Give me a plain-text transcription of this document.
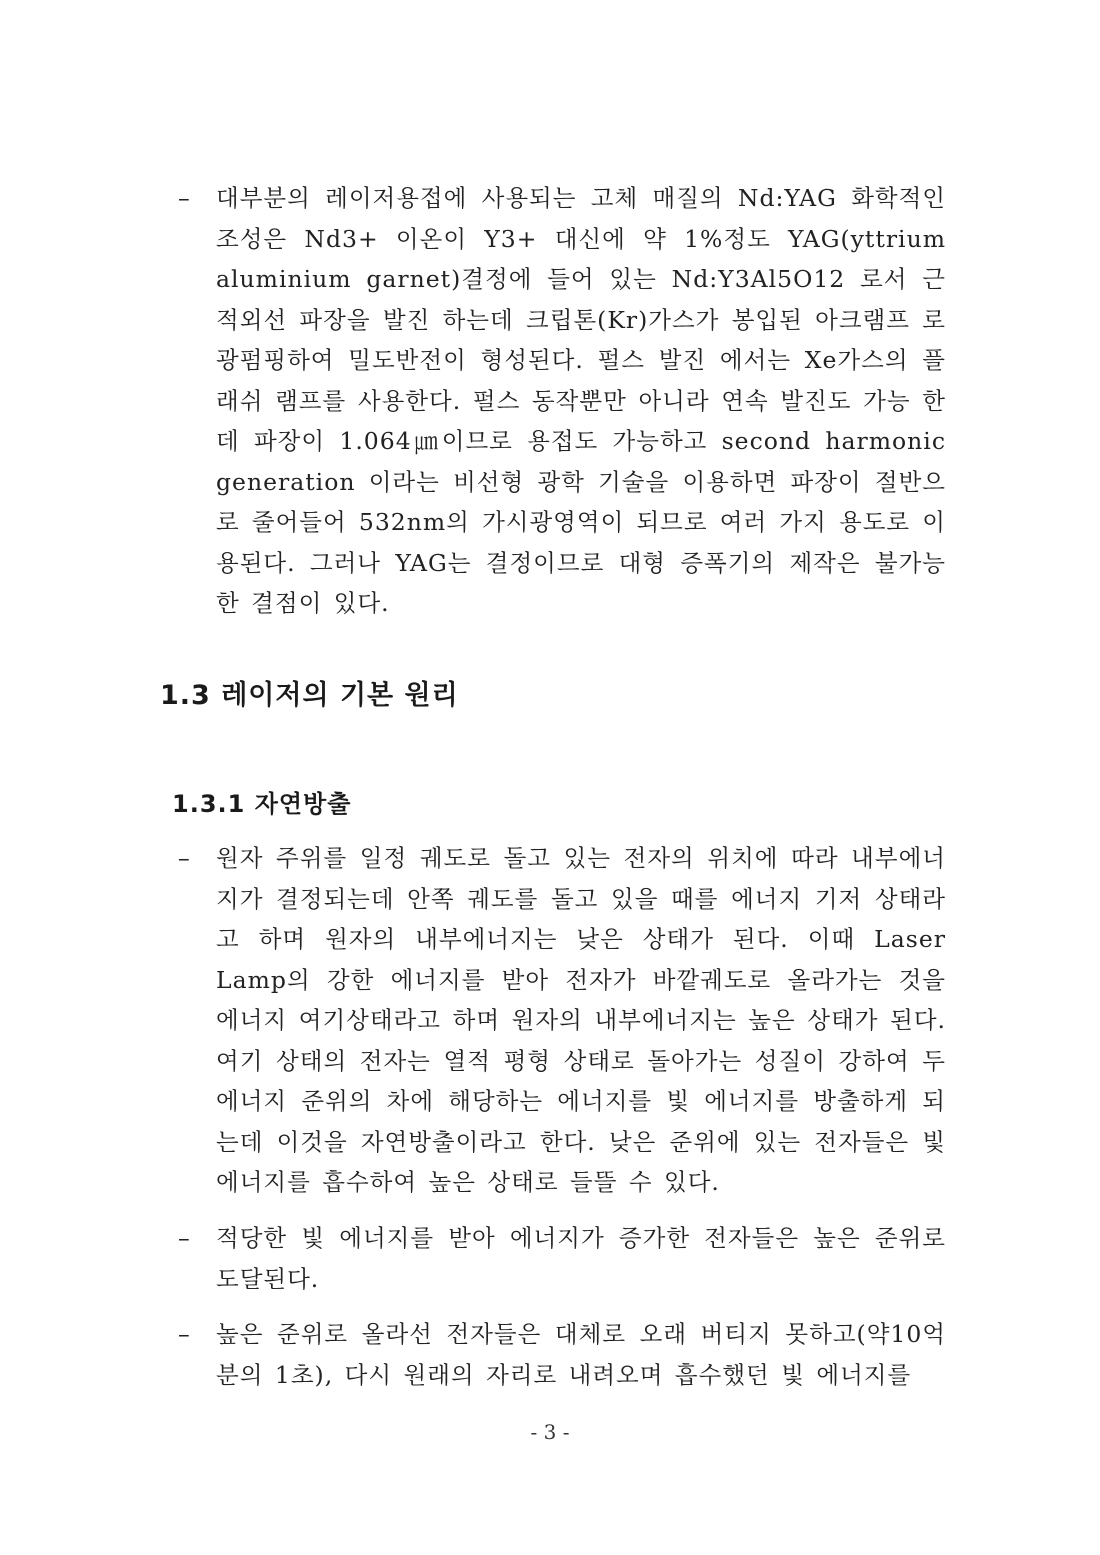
–	대부분의 레이저용접에 사용되는 고체 매질의 Nd:YAG 화학적인 조성은 Nd3+ 이온이 Y3+ 대신에 약 1%정도 YAG(yttrium aluminium garnet)결정에 들어 있는 Nd:Y3Al5O12 로서 근적외선 파장을 발진 하는데 크립톤(Kr)가스가 봉입된 아크램프 로 광펌핑하여 밀도반전이 형성된다. 펄스 발진 에서는 Xe가스의 플래쉬 램프를 사용한다. 펄스 동작뿐만 아니라 연속 발진도 가능 한데 파장이 1.064㎛이므로 용접도 가능하고 second harmonic generation 이라는 비선형 광학 기술을 이용하면 파장이 절반으로 줄어들어 532nm의 가시광영역이 되므로 여러 가지 용도로 이용된다. 그러나 YAG는 결정이므로 대형 증폭기의 제작은 불가능한 결점이 있다.
1.3 레이저의 기본 원리
1.3.1 자연방출
–	원자 주위를 일정 궤도로 돌고 있는 전자의 위치에 따라 내부에너지가 결정되는데 안쪽 궤도를 돌고 있을 때를 에너지 기저 상태라고 하며 원자의 내부에너지는 낮은 상태가 된다. 이때 Laser Lamp의 강한 에너지를 받아 전자가 바깥궤도로 올라가는 것을 에너지 여기상태라고 하며 원자의 내부에너지는 높은 상태가 된다. 여기 상태의 전자는 열적 평형 상태로 돌아가는 성질이 강하여 두 에너지 준위의 차에 해당하는 에너지를 빛 에너지를 방출하게 되는데 이것을 자연방출이라고 한다. 낮은 준위에 있는 전자들은 빛 에너지를 흡수하여 높은 상태로 들뜰 수 있다.
–	적당한 빛 에너지를 받아 에너지가 증가한 전자들은 높은 준위로 도달된다.
–	높은 준위로 올라선 전자들은 대체로 오래 버티지 못하고(약10억분의 1초), 다시 원래의 자리로 내려오며 흡수했던 빛 에너지를
- 3 -
